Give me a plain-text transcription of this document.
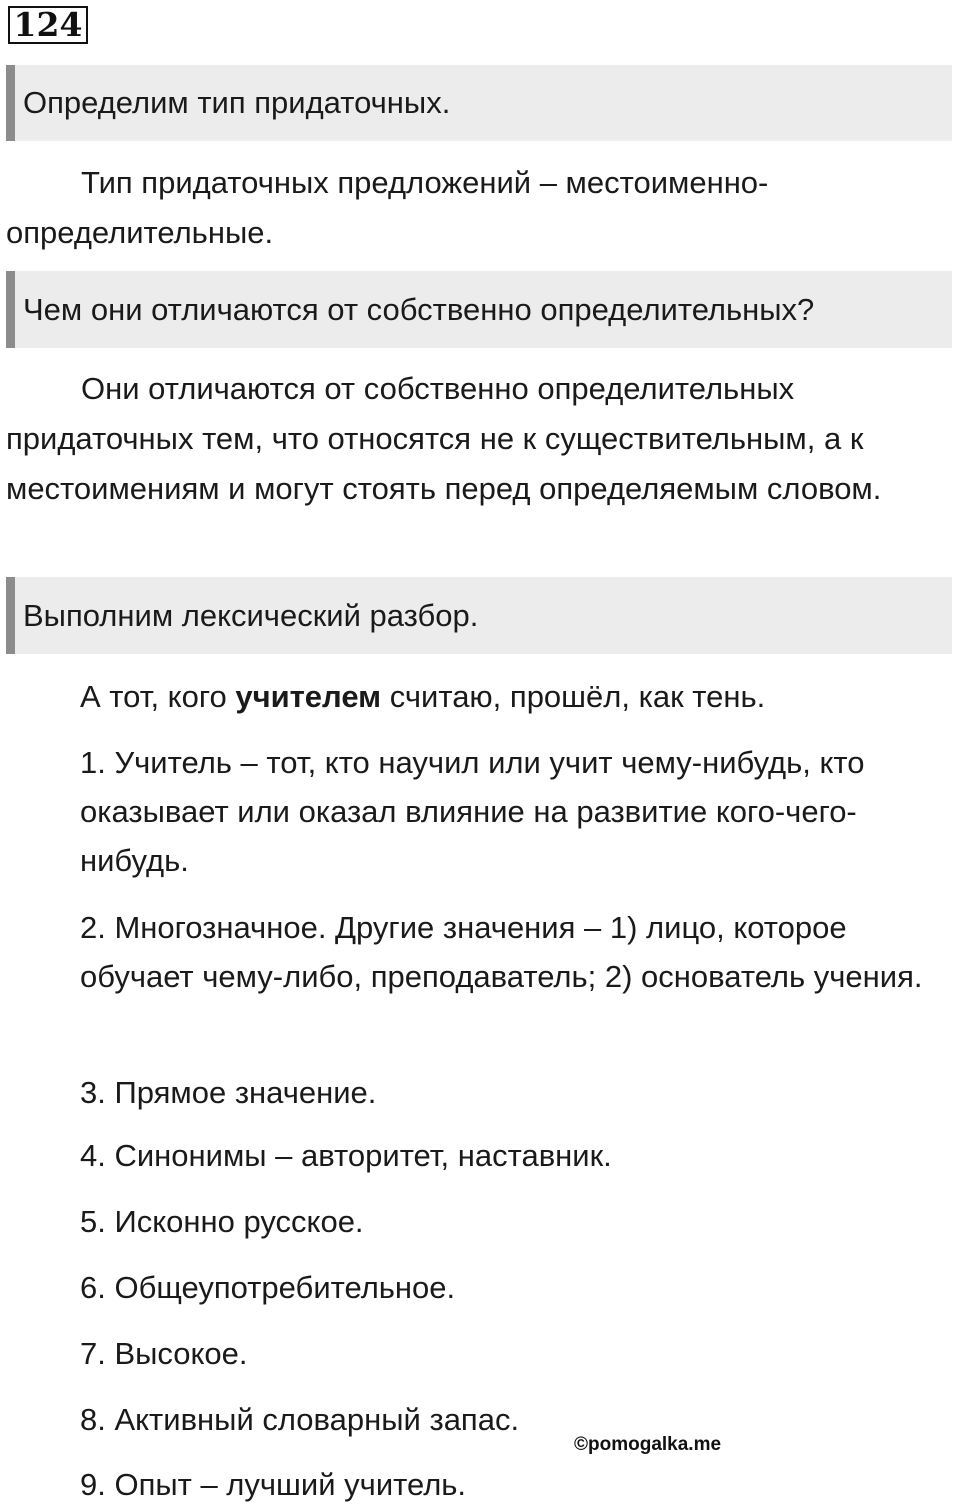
124
Определим тип придаточных.

Тип придаточных предложений – местоименно-определительные.

Чем они отличаются от собственно определительных?

Они отличаются от собственно определительных придаточных тем, что относятся не к существительным, а к местоимениям и могут стоять перед определяемым словом.

Выполним лексический разбор.

А тот, кого учителем считаю, прошёл, как тень.

1. Учитель – тот, кто научил или учит чему-нибудь, кто оказывает или оказал влияние на развитие кого-чего-нибудь.

2. Многозначное. Другие значения – 1) лицо, которое обучает чему-либо, преподаватель; 2) основатель учения.

3. Прямое значение.

4. Синонимы – авторитет, наставник.

5. Исконно русское.

6. Общеупотребительное.

7. Высокое.

8. Активный словарный запас.

9. Опыт – лучший учитель.

©pomogalka.me
